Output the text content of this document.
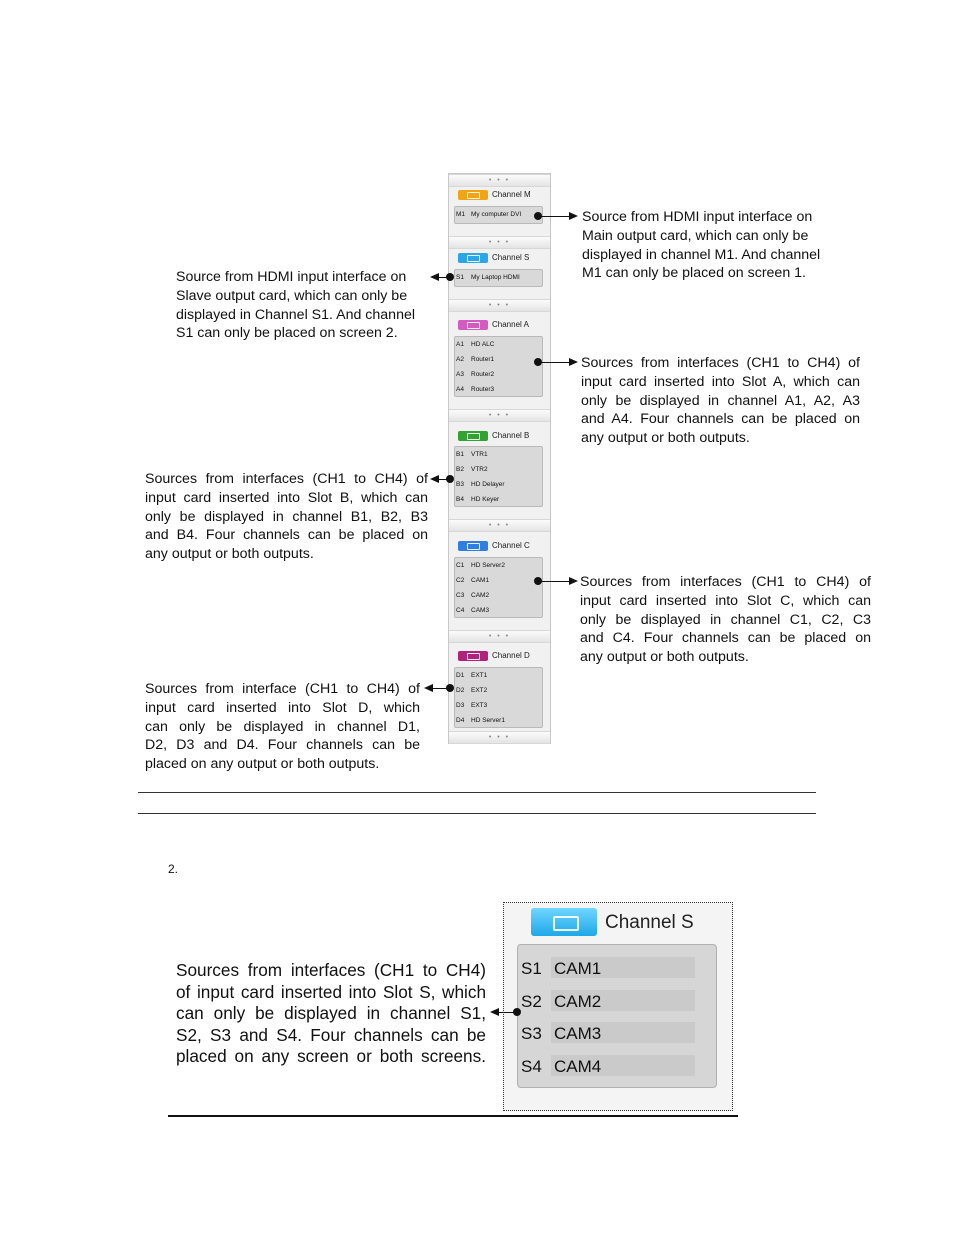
• • •
Channel M
M1 My computer DVI
• • •
Channel S
S1 My Laptop HDMI
• • •
Channel A
A1 HD ALC
A2 Router1
A3 Router2
A4 Router3
• • •
Channel B
B1 VTR1
B2 VTR2
B3 HD Delayer
B4 HD Keyer
• • •
Channel C
C1 HD Server2
C2 CAM1
C3 CAM2
C4 CAM3
• • •
Channel D
D1 EXT1
D2 EXT2
D3 EXT3
D4 HD Server1
• • •
Source from HDMI input interface on
Main output card, which can only be
displayed in channel M1. And channel
M1 can only be placed on screen 1.
Source from HDMI input interface on
Slave output card, which can only be
displayed in Channel S1. And channel
S1 can only be placed on screen 2.
Sources from interfaces (CH1 to CH4) of
input card inserted into Slot A, which can
only be displayed in channel A1, A2, A3
and A4. Four channels can be placed on
any output or both outputs.
Sources from interfaces (CH1 to CH4) of
input card inserted into Slot B, which can
only be displayed in channel B1, B2, B3
and B4. Four channels can be placed on
any output or both outputs.
Sources from interfaces (CH1 to CH4) of
input card inserted into Slot C, which can
only be displayed in channel C1, C2, C3
and C4. Four channels can be placed on
any output or both outputs.
Sources from interface (CH1 to CH4) of
input card inserted into Slot D, which
can only be displayed in channel D1,
D2, D3 and D4. Four channels can be
placed on any output or both outputs.
2.
Channel S
S1 CAM1
S2 CAM2
S3 CAM3
S4 CAM4
Sources from interfaces (CH1 to CH4)
of input card inserted into Slot S, which
can only be displayed in channel S1,
S2, S3 and S4. Four channels can be
placed on any screen or both screens.
